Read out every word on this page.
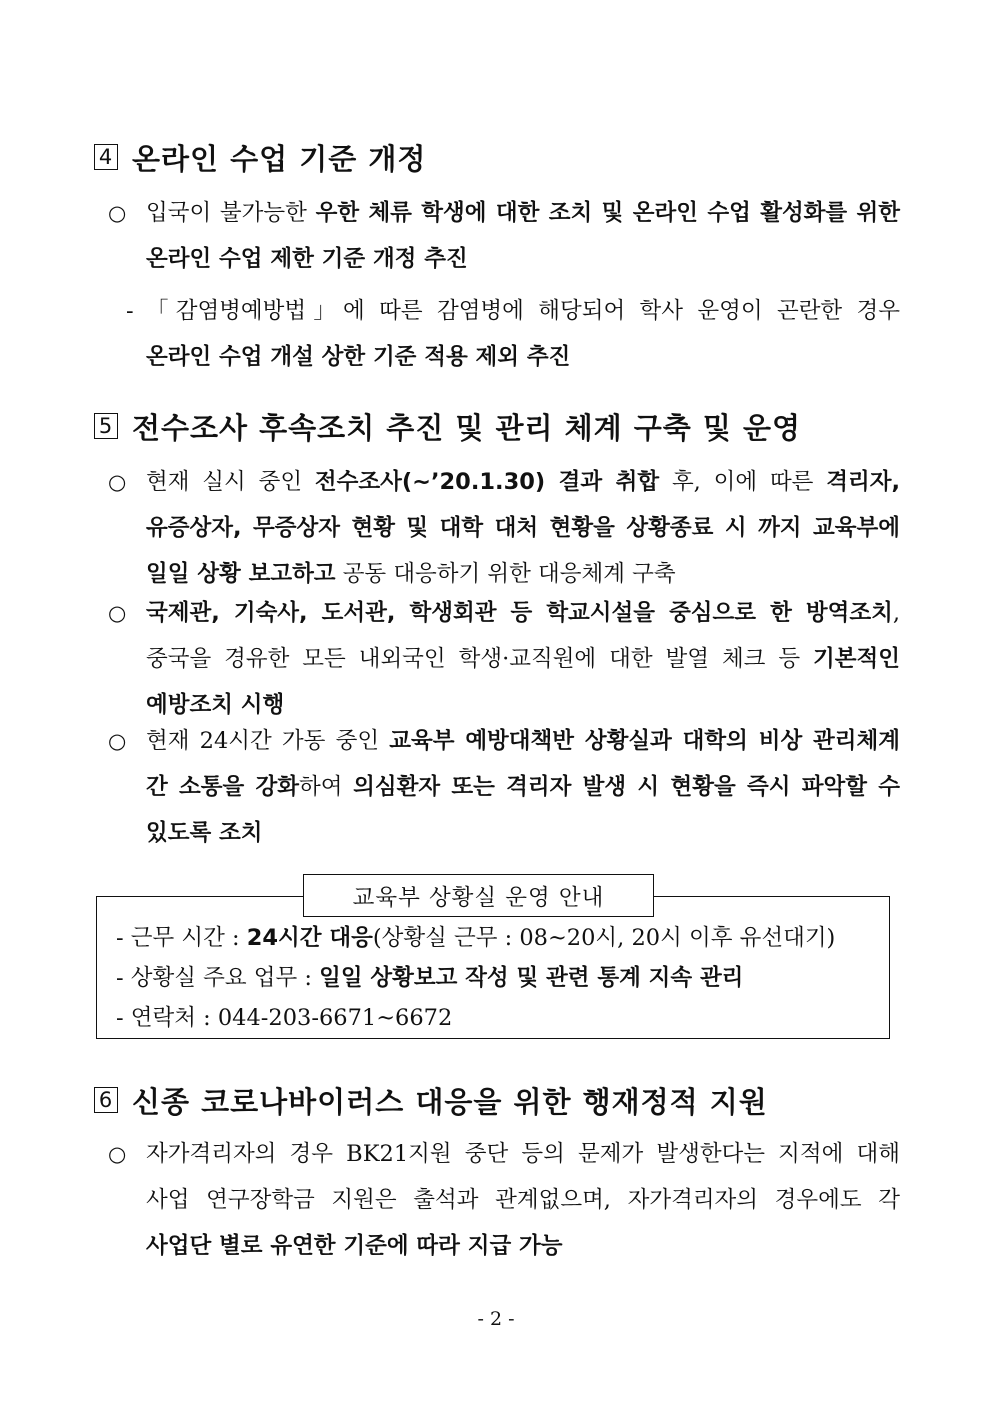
4 온라인 수업 기준 개정
○ 입국이 불가능한 우한 체류 학생에 대한 조치 및 온라인 수업 활성화를 위한 온라인 수업 제한 기준 개정 추진
- 「감염병예방법」에 따른 감염병에 해당되어 학사 운영이 곤란한 경우 온라인 수업 개설 상한 기준 적용 제외 추진
5 전수조사 후속조치 추진 및 관리 체계 구축 및 운영
○ 현재 실시 중인 전수조사(~’20.1.30) 결과 취합 후, 이에 따른 격리자, 유증상자, 무증상자 현황 및 대학 대처 현황을 상황종료 시 까지 교육부에 일일 상황 보고하고 공동 대응하기 위한 대응체계 구축
○ 국제관, 기숙사, 도서관, 학생회관 등 학교시설을 중심으로 한 방역조치, 중국을 경유한 모든 내외국인 학생·교직원에 대한 발열 체크 등 기본적인 예방조치 시행
○ 현재 24시간 가동 중인 교육부 예방대책반 상황실과 대학의 비상 관리체계 간 소통을 강화하여 의심환자 또는 격리자 발생 시 현황을 즉시 파악할 수 있도록 조치
교육부 상황실 운영 안내
- 근무 시간 : 24시간 대응(상황실 근무 : 08~20시, 20시 이후 유선대기)
- 상황실 주요 업무 : 일일 상황보고 작성 및 관련 통계 지속 관리
- 연락처 : 044-203-6671~6672
6 신종 코로나바이러스 대응을 위한 행재정적 지원
○ 자가격리자의 경우 BK21지원 중단 등의 문제가 발생한다는 지적에 대해 사업 연구장학금 지원은 출석과 관계없으며, 자가격리자의 경우에도 각 사업단 별로 유연한 기준에 따라 지급 가능
- 2 -
